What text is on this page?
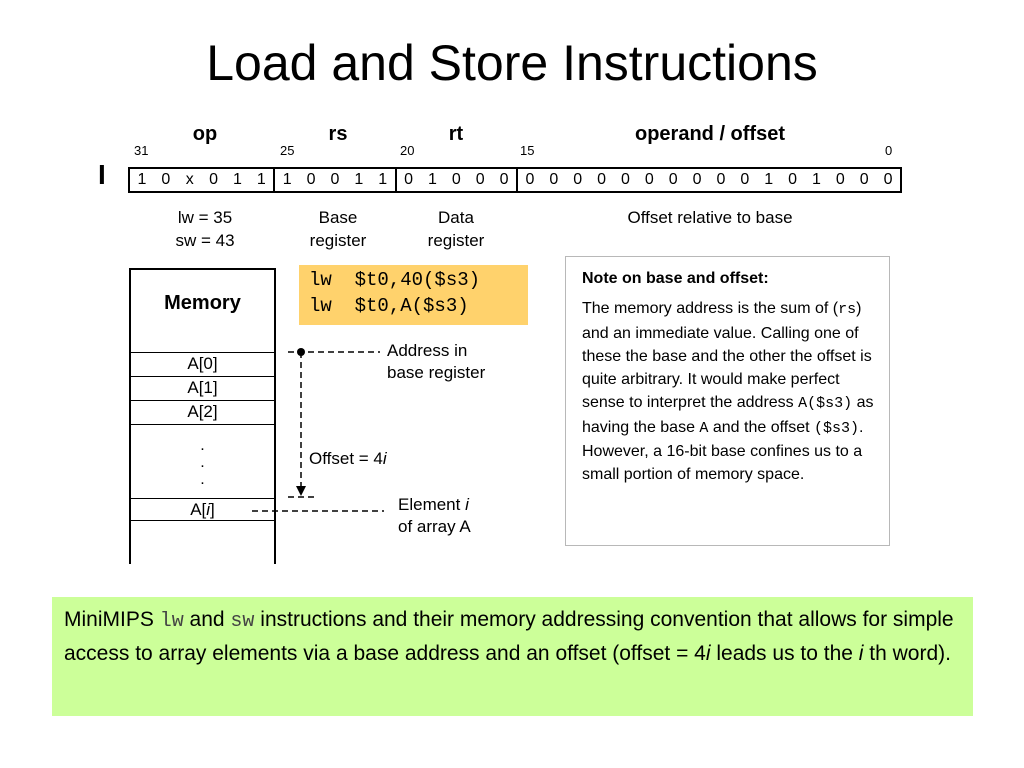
Load and Store Instructions
op	rs	rt	operand / offset
31	25	20	15	0
I	1 0 x 0 1 1	1 0 0 1 1	0 1 0 0 0	0 0 0 0 0 0 0 0 0 0 1 0 1 0 0 0
lw = 35
sw = 43
Base
register
Data
register
Offset relative to base
Memory
A[0]
A[1]
A[2]
.
.
.
A[i]
lw  $t0,40($s3)
lw  $t0,A($s3)
Address in
base register
Offset = 4i
Element i
of array A
Note on base and offset:
The memory address is the sum of (rs) and an immediate value. Calling one of these the base and the other the offset is quite arbitrary. It would make perfect sense to interpret the address A($s3) as having the base A and the offset ($s3). However, a 16-bit base confines us to a small portion of memory space.
MiniMIPS lw and sw instructions and their memory addressing convention that allows for simple access to array elements via a base address and an offset (offset = 4i leads us to the i th word).
